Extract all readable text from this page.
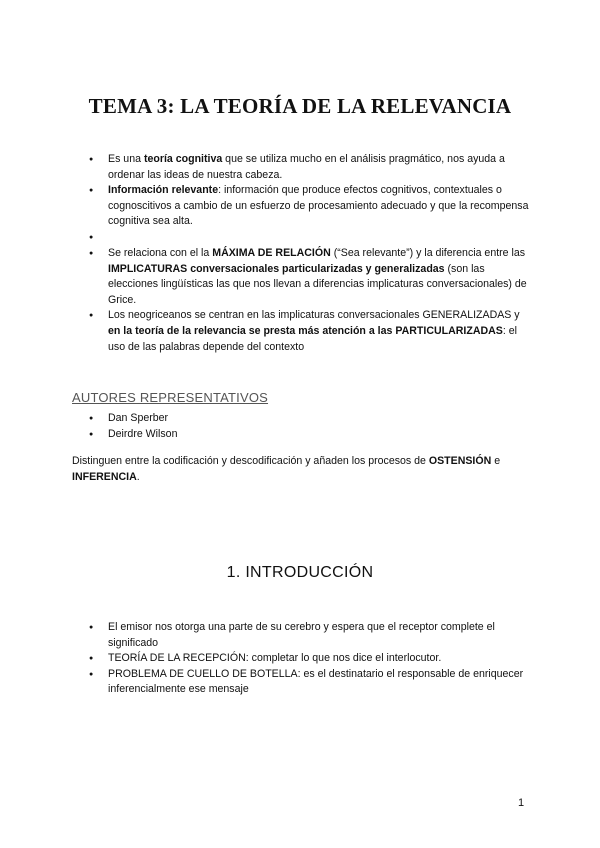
TEMA 3: LA TEORÍA DE LA RELEVANCIA
● Es una teoría cognitiva que se utiliza mucho en el análisis pragmático, nos ayuda a ordenar las ideas de nuestra cabeza.
● Información relevante: información que produce efectos cognitivos, contextuales o cognoscitivos a cambio de un esfuerzo de procesamiento adecuado y que la recompensa cognitiva sea alta.
●
● Se relaciona con el la MÁXIMA DE RELACIÓN (“Sea relevante”) y la diferencia entre las IMPLICATURAS conversacionales particularizadas y generalizadas (son las elecciones lingüísticas las que nos llevan a diferencias implicaturas conversacionales) de Grice.
● Los neogriceanos se centran en las implicaturas conversacionales GENERALIZADAS y en la teoría de la relevancia se presta más atención a las PARTICULARIZADAS: el uso de las palabras depende del contexto
AUTORES REPRESENTATIVOS
● Dan Sperber
● Deirdre Wilson

Distinguen entre la codificación y descodificación y añaden los procesos de OSTENSIÓN e INFERENCIA.

1. INTRODUCCIÓN
● El emisor nos otorga una parte de su cerebro y espera que el receptor complete el significado
● TEORÍA DE LA RECEPCIÓN: completar lo que nos dice el interlocutor.
● PROBLEMA DE CUELLO DE BOTELLA: es el destinatario el responsable de enriquecer inferencialmente ese mensaje
1
